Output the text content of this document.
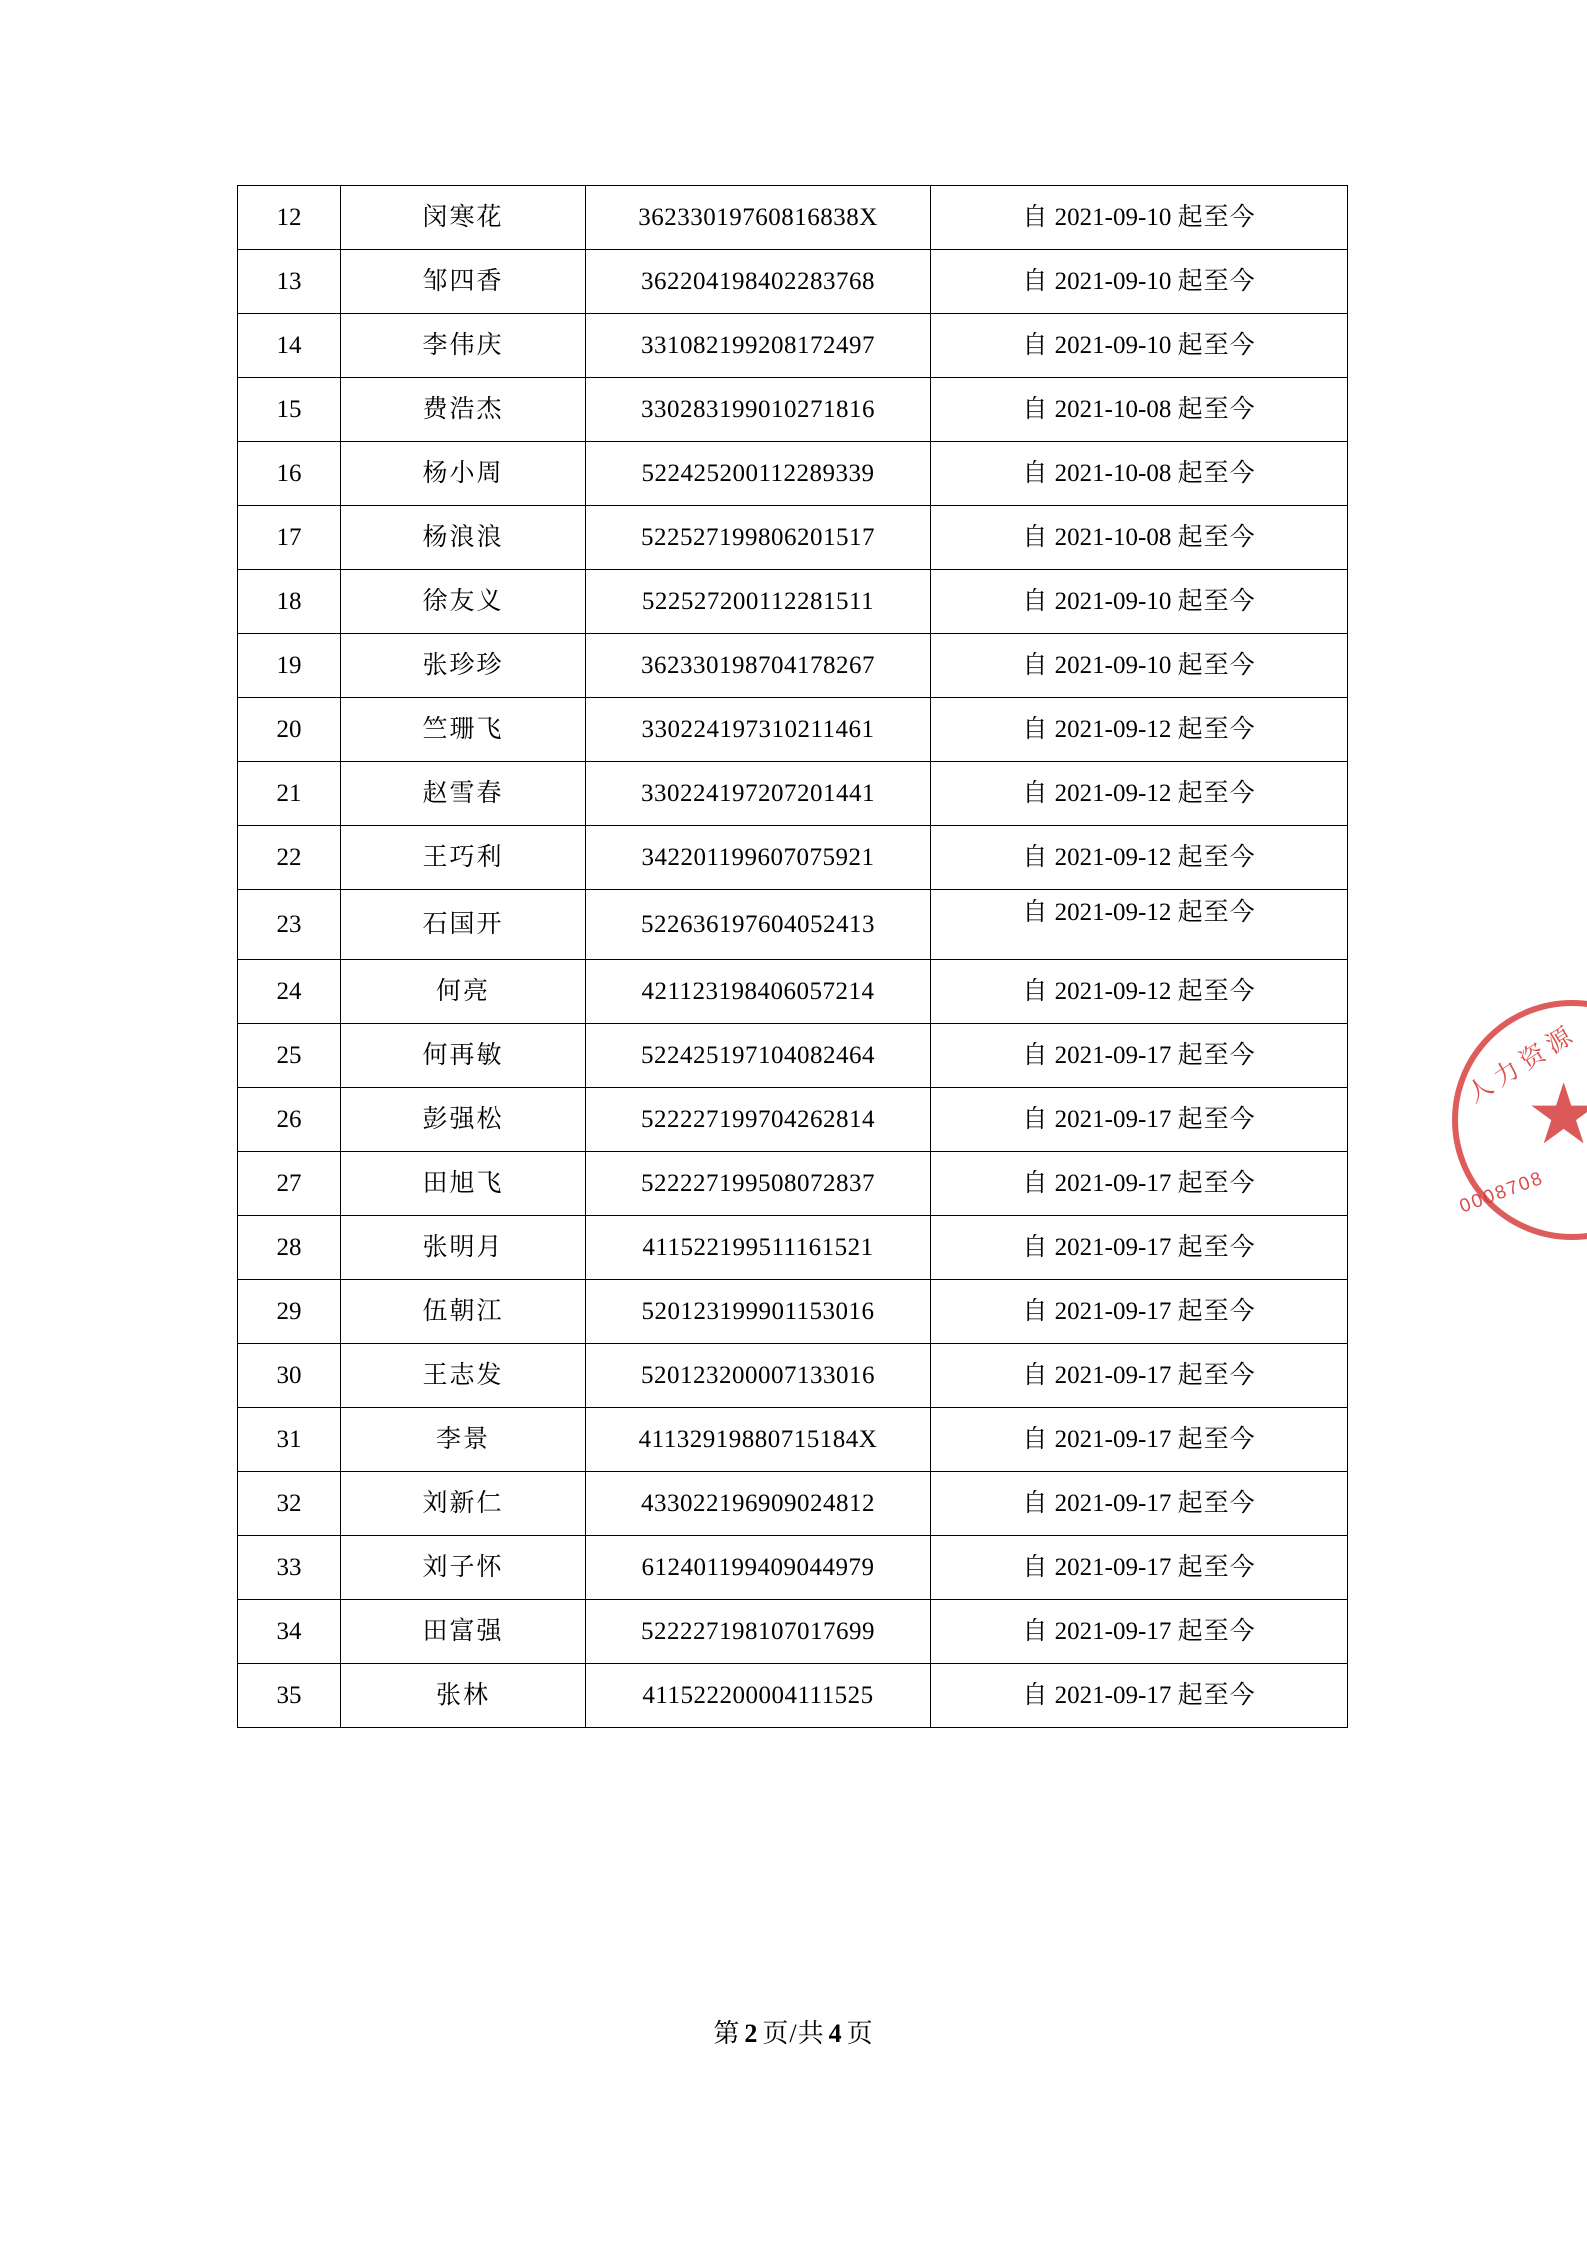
12	闵寒花	36233019760816838X	自 2021-09-10 起至今
13	邹四香	362204198402283768	自 2021-09-10 起至今
14	李伟庆	331082199208172497	自 2021-09-10 起至今
15	费浩杰	330283199010271816	自 2021-10-08 起至今
16	杨小周	522425200112289339	自 2021-10-08 起至今
17	杨浪浪	522527199806201517	自 2021-10-08 起至今
18	徐友义	522527200112281511	自 2021-09-10 起至今
19	张珍珍	362330198704178267	自 2021-09-10 起至今
20	竺珊飞	330224197310211461	自 2021-09-12 起至今
21	赵雪春	330224197207201441	自 2021-09-12 起至今
22	王巧利	342201199607075921	自 2021-09-12 起至今
23	石国开	522636197604052413	自 2021-09-12 起至今
24	何亮	421123198406057214	自 2021-09-12 起至今
25	何再敏	522425197104082464	自 2021-09-17 起至今
26	彭强松	522227199704262814	自 2021-09-17 起至今
27	田旭飞	522227199508072837	自 2021-09-17 起至今
28	张明月	411522199511161521	自 2021-09-17 起至今
29	伍朝江	520123199901153016	自 2021-09-17 起至今
30	王志发	520123200007133016	自 2021-09-17 起至今
31	李景	41132919880715184X	自 2021-09-17 起至今
32	刘新仁	433022196909024812	自 2021-09-17 起至今
33	刘子怀	612401199409044979	自 2021-09-17 起至今
34	田富强	522227198107017699	自 2021-09-17 起至今
35	张林	411522200004111525	自 2021-09-17 起至今
第 2 页/共 4 页
人力资源
0008708
